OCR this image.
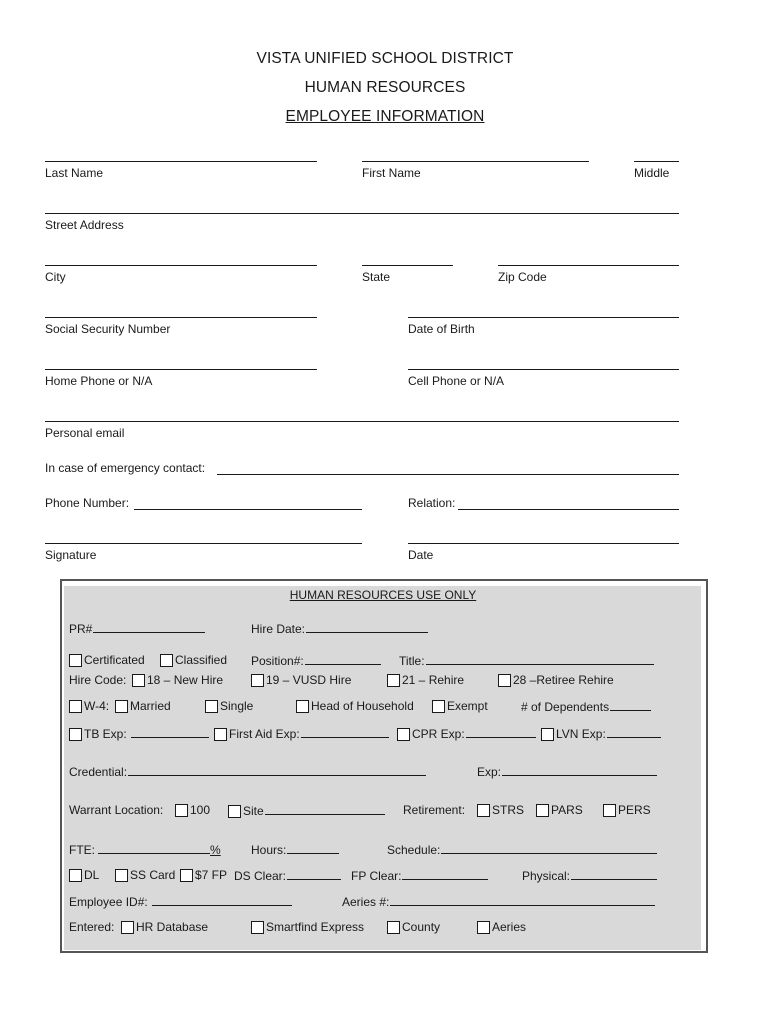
VISTA UNIFIED SCHOOL DISTRICT
HUMAN RESOURCES
EMPLOYEE INFORMATION
Last Name	First Name	Middle
Street Address
City	State	Zip Code
Social Security Number	Date of Birth
Home Phone or N/A	Cell Phone or N/A
Personal email
In case of emergency contact:
Phone Number:	Relation:
Signature	Date
HUMAN RESOURCES USE ONLY
PR#	Hire Date:
Certificated	Classified Position#:	Title:
Hire Code:	18 – New Hire	19 – VUSD Hire	21 – Rehire	28 –Retiree Rehire
W-4:	Married	Single	Head of Household	Exempt	# of Dependents
TB Exp:	First Aid Exp:	CPR Exp:	LVN Exp:
Credential:	Exp:
Warrant Location:	100	Site	Retirement:	STRS	PARS	PERS
FTE:	%	Hours:	Schedule:
DL	SS Card	$7 FP DS Clear:	FP Clear:	Physical:
Employee ID#:	Aeries #:
Entered:	HR Database	Smartfind Express	County	Aeries
